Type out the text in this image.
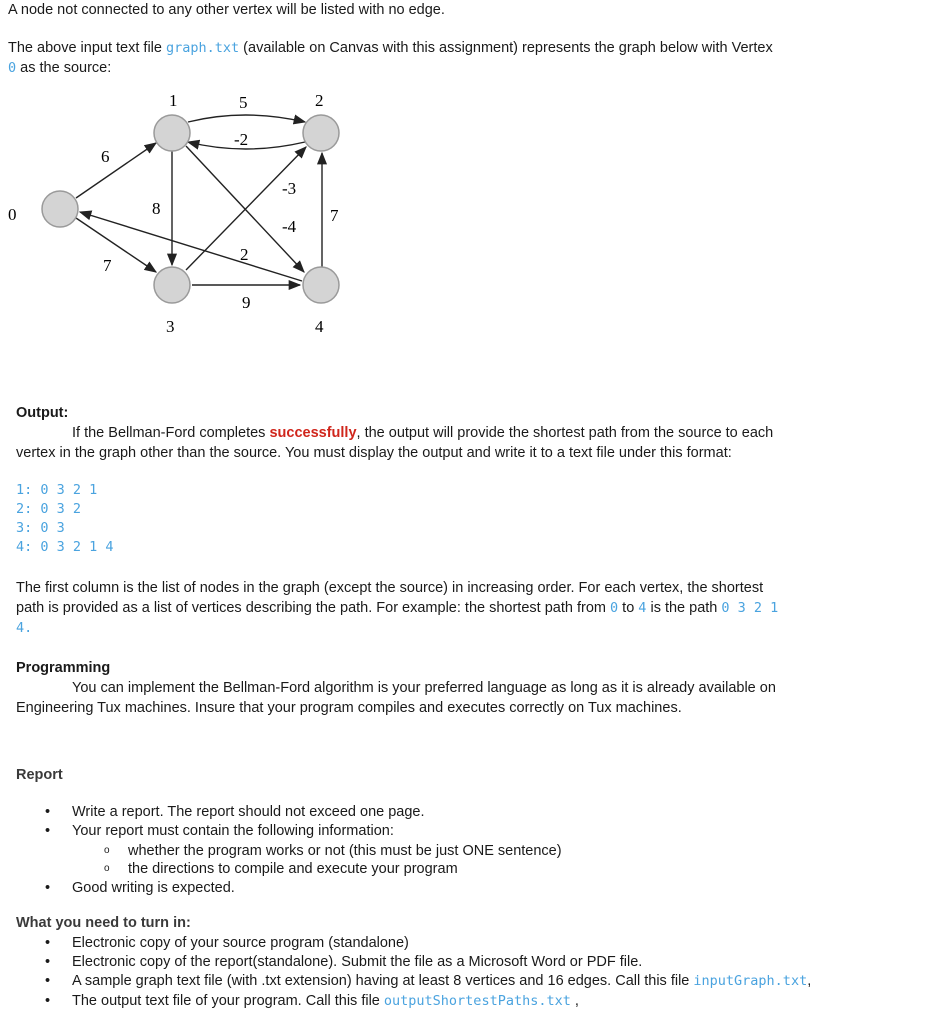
A node not connected to any other vertex will be listed with no edge.
The above input text file graph.txt (available on Canvas with this assignment) represents the graph below with Vertex
0 as the source:
0
1	2
3	4
5
-2
6
8
-3
-4
7
7
2
9
Output:
If the Bellman-Ford completes successfully, the output will provide the shortest path from the source to each
vertex in the graph other than the source. You must display the output and write it to a text file under this format:
1: 0 3 2 1
2: 0 3 2
3: 0 3
4: 0 3 2 1 4
The first column is the list of nodes in the graph (except the source) in increasing order. For each vertex, the shortest
path is provided as a list of vertices describing the path. For example: the shortest path from 0 to 4 is the path 0 3 2 1
4.
Programming
You can implement the Bellman-Ford algorithm is your preferred language as long as it is already available on
Engineering Tux machines. Insure that your program compiles and executes correctly on Tux machines.
Report
• Write a report. The report should not exceed one page.
• Your report must contain the following information:
o whether the program works or not (this must be just ONE sentence)
o the directions to compile and execute your program
• Good writing is expected.
What you need to turn in:
• Electronic copy of your source program (standalone)
• Electronic copy of the report(standalone). Submit the file as a Microsoft Word or PDF file.
• A sample graph text file (with .txt extension) having at least 8 vertices and 16 edges. Call this file inputGraph.txt,
• The output text file of your program. Call this file outputShortestPaths.txt ,
